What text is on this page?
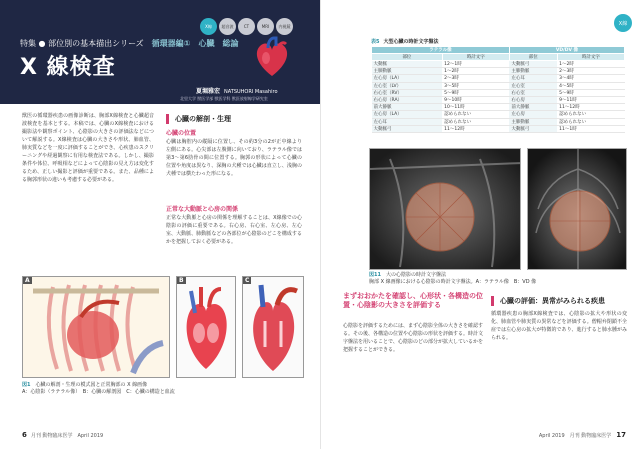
特集 ● 部位別の基本描出シリーズ　 循環器編①　心臓　総論
X 線検査
X線	超音波	CT	MRI	内視鏡
夏堀雅宏 NATSUHORI Masahiro
北里大学 獣医学部 獣医学科 獣医放射線学研究室
獣医の循環器疾患の画像診断は、胸部X線検査と心臓超音波検査を基本とする。本稿では、心臓のX線検査における撮影法や観察ポイント、心陰影の大きさの評価法などについて解説する。X線検査は心臓の大きさや形状、肺血管、肺実質などを一度に評価することができ、心疾患のスクリーニングや経過観察に有用な検査法である。しかし、撮影条件や体位、呼吸相などによって心陰影の見え方は変化するため、正しい撮影と評価が重要である。また、品種による胸郭形状の違いも考慮する必要がある。
心臓の解剖・生理
心臓の位置
心臓は胸腔内の縦隔に位置し、その約3分の2が正中線より左側にある。心尖部は左腹側に向いており、ラテラル像では第3〜第6肋骨の間に位置する。胸郭の形状によって心臓の位置や角度は異なり、深胸の犬種では心臓は直立し、浅胸の犬種では横たわった形になる。
正常な大動脈と心房の関係
正常な大動脈と心房の関係を理解することは、X線像での心陰影の評価に重要である。右心房、右心室、左心房、左心室、大動脈、肺動脈などの各部位が心陰影のどこを構成するかを把握しておく必要がある。
A	B	C
図1　 心臓の解剖・生理の模式図と正常胸部の X 線画像
A：心陰影（ラテラル像）　B：心臓の解剖図　C：心臓の構造と血流
6 月刊 動物臨床医学　April 2019
X線
表5 大型心臓の時計文字盤法
ラテラル像		VD/DV 像	
部位	時計文字	部位	時計文字
大動脈	12〜1時	大動脈弓	1〜2時
主肺動脈	1〜2時	主肺動脈	2〜3時
左心房（LA）	2〜3時	左心耳	3〜4時
左心室（LV）	3〜5時	左心室	4〜5時
右心室（RV）	5〜9時	右心室	5〜9時
右心房（RA）	9〜10時	右心房	9〜11時
前大静脈	10〜11時	前大静脈	11〜12時
左心房（LA）	認められない	左心房	認められない
左心耳	認められない	主肺動脈	認められない
大動脈弓	11〜12時	大動脈弓	11〜1時
図11　 大の心陰影の時計文字盤法
胸部 X 線画像における心陰影の時計文字盤法。A：ラテラル像　B：VD 像
まずおおかたを確認し、心形状・各構造の位置・心陰影の大きさを評価する
心陰影を評価するためには、まず心陰影全体の大きさを確認する。その後、各構造の位置や心陰影の形状を評価する。時計文字盤法を用いることで、心陰影のどの部分が拡大しているかを把握することができる。
心臓の評価：異常がみられる疾患
循環器疾患の胸部X線検査では、心陰影の拡大や形状の変化、肺血管や肺実質の異常などを評価する。僧帽弁閉鎖不全症では左心房の拡大が特徴的であり、進行すると肺水腫がみられる。
April 2019　月刊 動物臨床医学　 17
